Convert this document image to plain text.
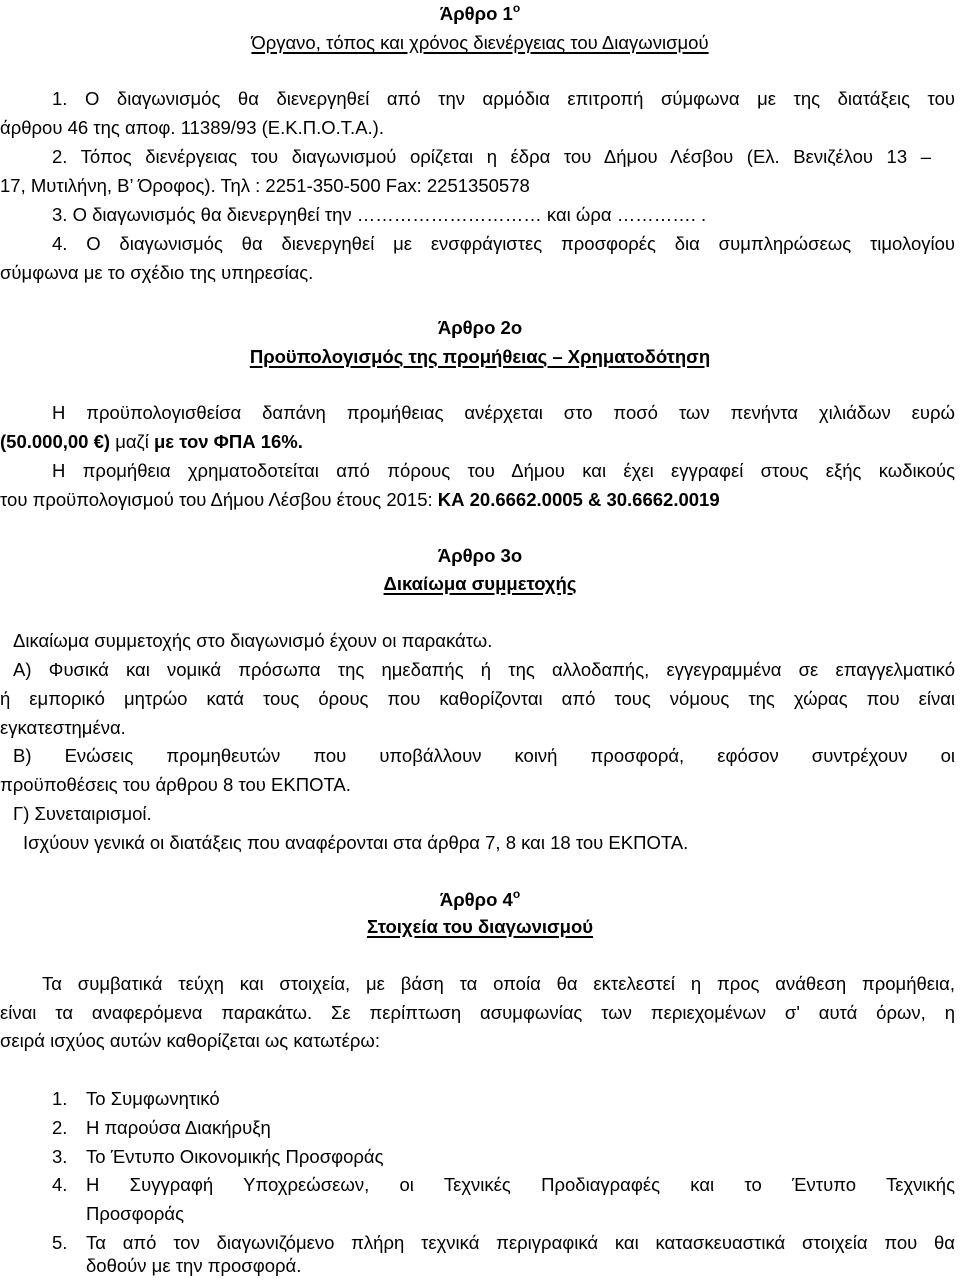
Άρθρο $1^o$
Όργανο, τόπος και χρόνος διενέργειας του Διαγωνισμού
1. Ο διαγωνισμός θα διενεργηθεί από την αρμόδια επιτροπή σύμφωνα με της διατάξεις του
άρθρου 46 της αποφ. 11389/93 (Ε.Κ.Π.Ο.Τ.Α.).
2. Τόπος διενέργειας του διαγωνισμού ορίζεται η έδρα του Δήμου Λέσβου (Ελ. Βενιζέλου 13 –
17, Μυτιλήνη, Β’ Όροφος). Τηλ : 2251-350-500 Fax: 2251350578
3. Ο διαγωνισμός θα διενεργηθεί την ………………………… και ώρα …………. .
4. Ο διαγωνισμός θα διενεργηθεί με ενσφράγιστες προσφορές δια συμπληρώσεως τιμολογίου
σύμφωνα με το σχέδιο της υπηρεσίας.
Άρθρο 2ο
Προϋπολογισμός της προμήθειας – Χρηματοδότηση
Η προϋπολογισθείσα δαπάνη προμήθειας ανέρχεται στο ποσό των πενήντα χιλιάδων ευρώ
(50.000,00 €) μαζί με τον ΦΠΑ 16%.
Η προμήθεια χρηματοδοτείται από πόρους του Δήμου και έχει εγγραφεί στους εξής κωδικούς
του προϋπολογισμού του Δήμου Λέσβου έτους 2015: ΚΑ 20.6662.0005 & 30.6662.0019
Άρθρο 3ο
Δικαίωμα συμμετοχής
Δικαίωμα συμμετοχής στο διαγωνισμό έχουν οι παρακάτω.
Α) Φυσικά και νομικά πρόσωπα της ημεδαπής ή της αλλοδαπής, εγγεγραμμένα σε επαγγελματικό
ή εμπορικό μητρώο κατά τους όρους που καθορίζονται από τους νόμους της χώρας που είναι
εγκατεστημένα.
Β) Ενώσεις προμηθευτών που υποβάλλουν κοινή προσφορά, εφόσον συντρέχουν οι
προϋποθέσεις του άρθρου 8 του ΕΚΠΟΤΑ.
Γ) Συνεταιρισμοί.
Ισχύουν γενικά οι διατάξεις που αναφέρονται στα άρθρα 7, 8 και 18 του ΕΚΠΟΤΑ.
Άρθρο $4^o$
Στοιχεία του διαγωνισμού
Τα συμβατικά τεύχη και στοιχεία, με βάση τα οποία θα εκτελεστεί η προς ανάθεση προμήθεια,
είναι τα αναφερόμενα παρακάτω. Σε περίπτωση ασυμφωνίας των περιεχομένων σ' αυτά όρων, η
σειρά ισχύος αυτών καθορίζεται ως κατωτέρω:
1. Το Συμφωνητικό
2. Η παρούσα Διακήρυξη
3. Το Έντυπο Οικονομικής Προσφοράς
4. Η Συγγραφή Υποχρεώσεων, οι Τεχνικές Προδιαγραφές και το Έντυπο Τεχνικής
Προσφοράς
5. Τα από τον διαγωνιζόμενο πλήρη τεχνικά περιγραφικά και κατασκευαστικά στοιχεία που θα
δοθούν με την προσφορά.
